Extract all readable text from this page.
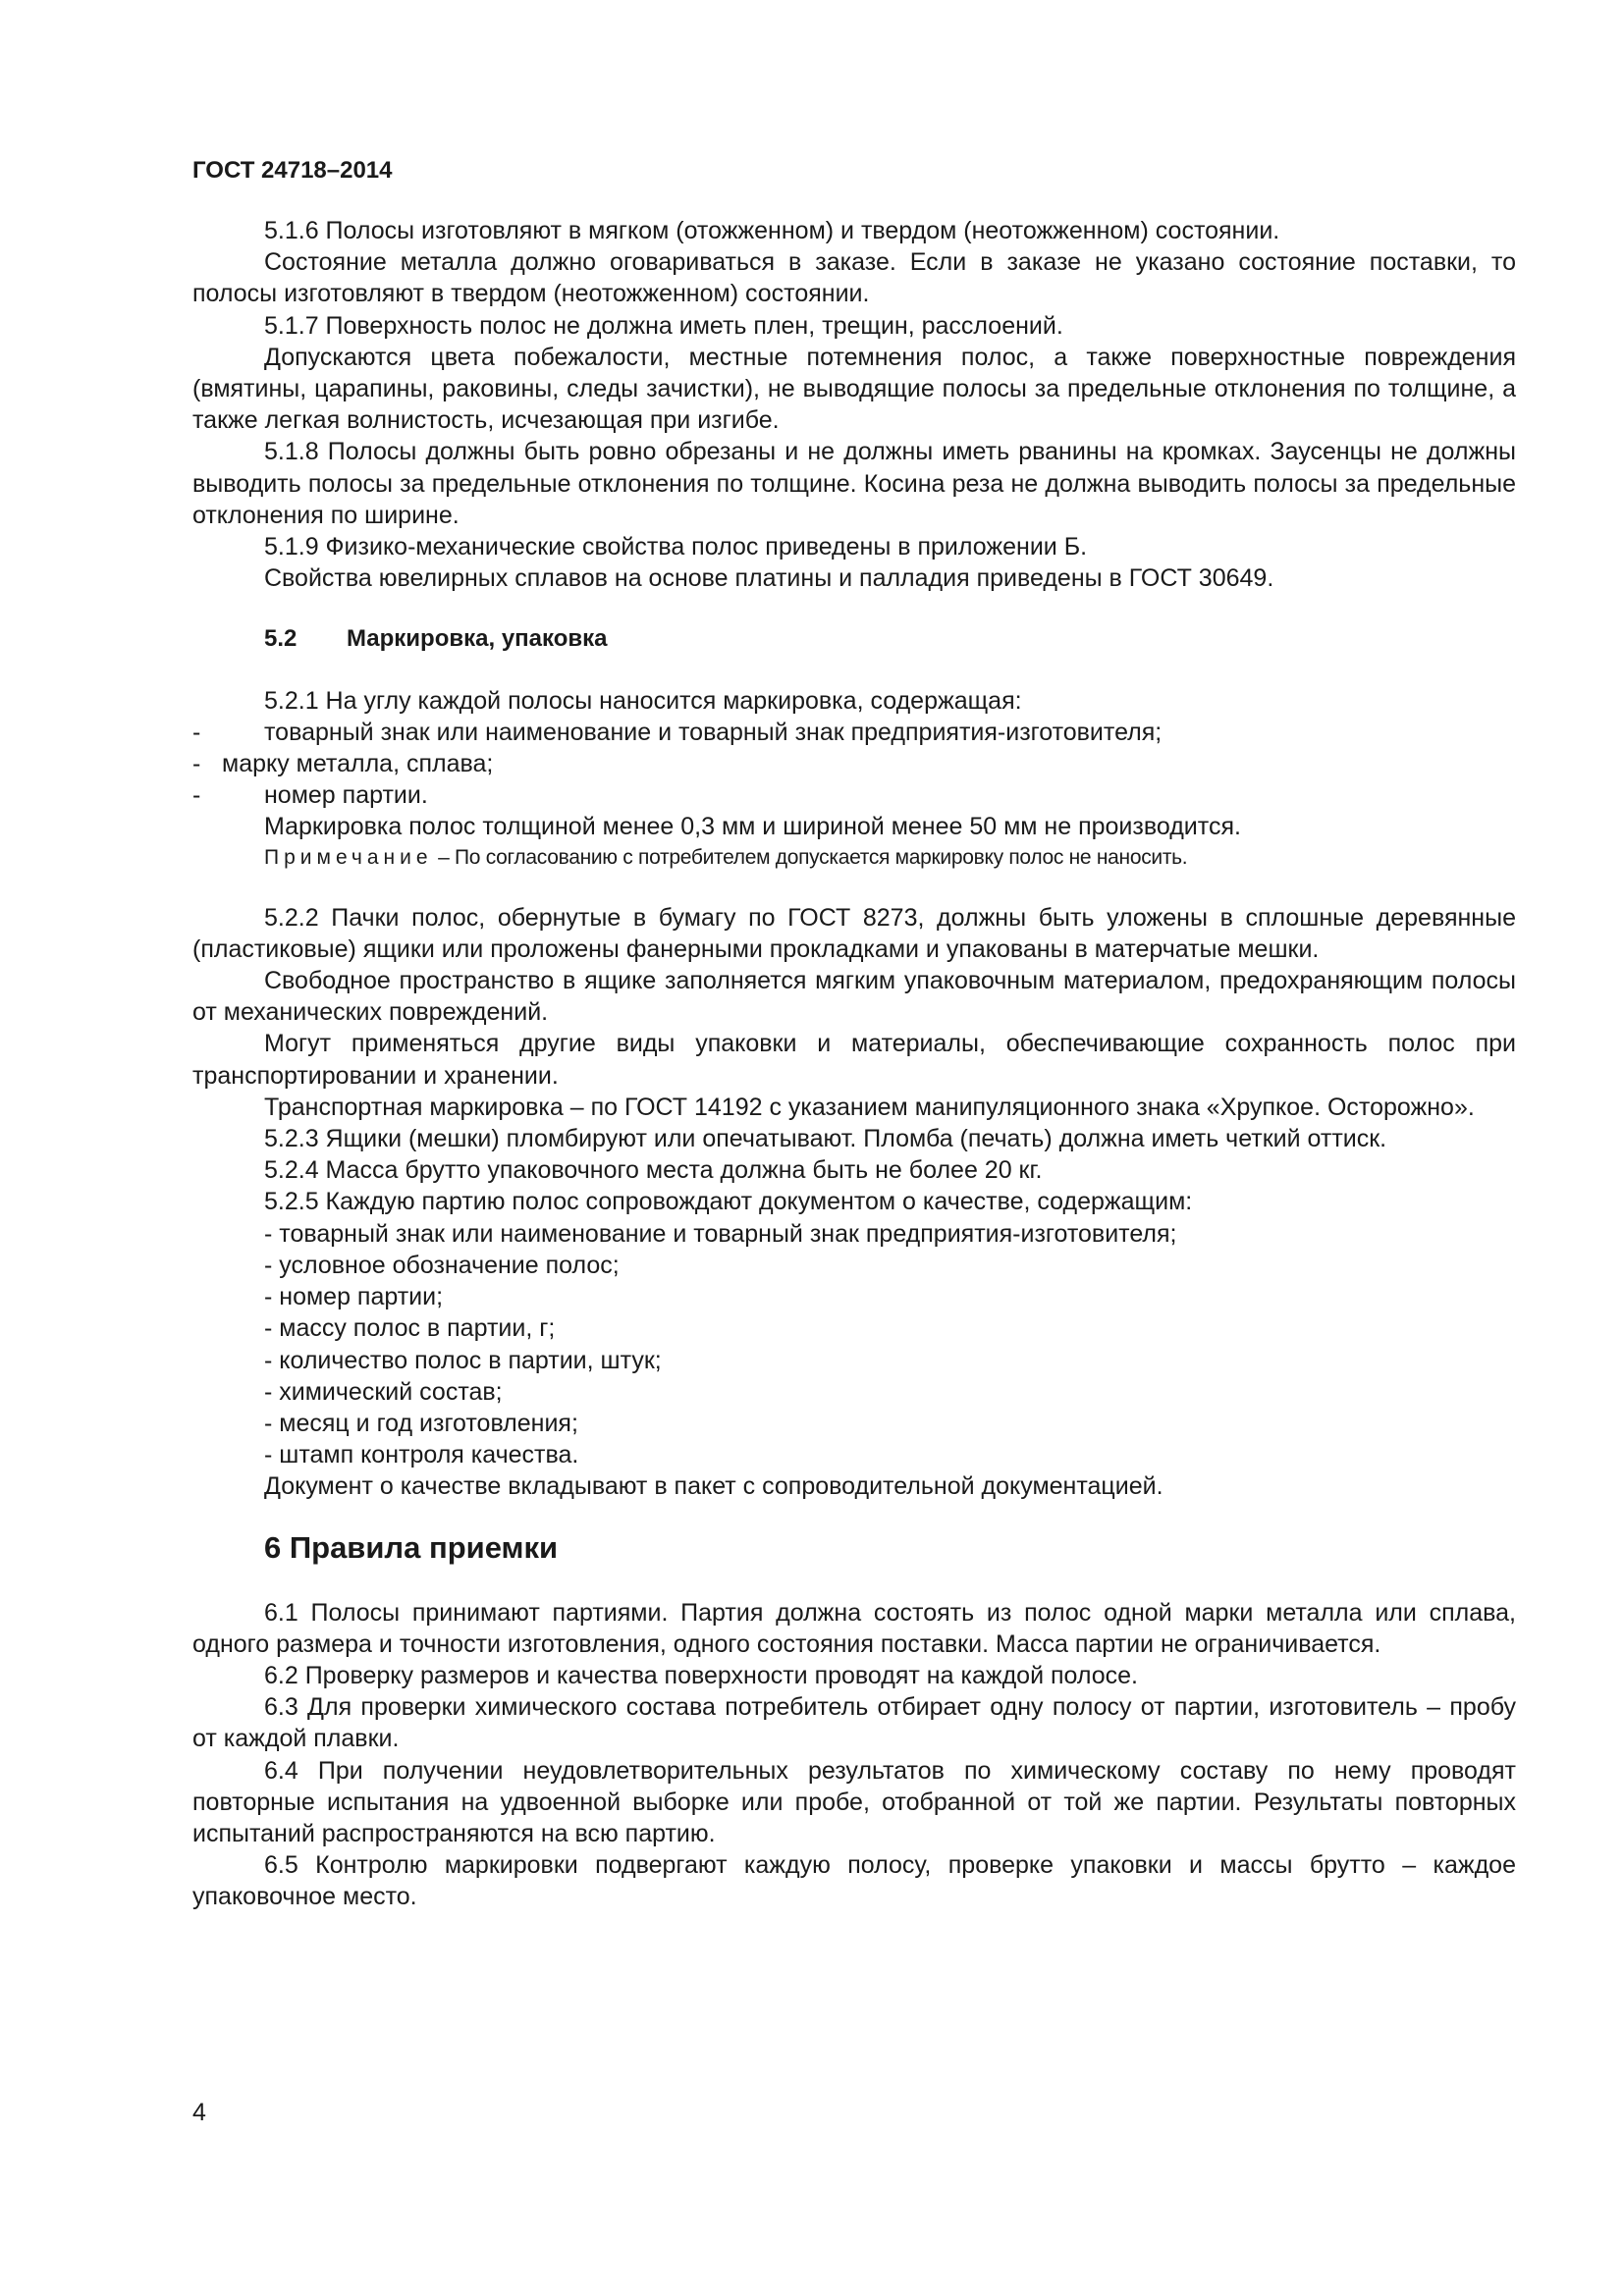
ГОСТ 24718–2014

5.1.6 Полосы изготовляют в мягком (отожженном) и твердом (неотожженном) состоянии.

Состояние металла должно оговариваться в заказе. Если в заказе не указано состояние поставки, то полосы изготовляют в твердом (неотожженном) состоянии.

5.1.7 Поверхность полос не должна иметь плен, трещин, расслоений.

Допускаются цвета побежалости, местные потемнения полос, а также поверхностные повреждения (вмятины, царапины, раковины, следы зачистки), не выводящие полосы за предельные отклонения по толщине, а также легкая волнистость, исчезающая при изгибе.

5.1.8 Полосы должны быть ровно обрезаны и не должны иметь рванины на кромках. Заусенцы не должны выводить полосы за предельные отклонения по толщине. Косина реза не должна выводить полосы за предельные отклонения по ширине.

5.1.9 Физико-механические свойства полос приведены в приложении Б.

Свойства ювелирных сплавов на основе платины и палладия приведены в ГОСТ 30649.

5.2 Маркировка, упаковка

5.2.1 На углу каждой полосы наносится маркировка, содержащая:

-	товарный знак или наименование и товарный знак предприятия-изготовителя;

- марку металла, сплава;

-	номер партии.

Маркировка полос толщиной менее 0,3 мм и шириной менее 50 мм не производится.

Примечание – По согласованию с потребителем допускается маркировку полос не наносить.

5.2.2 Пачки полос, обернутые в бумагу по ГОСТ 8273, должны быть уложены в сплошные деревянные (пластиковые) ящики или проложены фанерными прокладками и упакованы в матерчатые мешки.

Свободное пространство в ящике заполняется мягким упаковочным материалом, предохраняющим полосы от механических повреждений.

Могут применяться другие виды упаковки и материалы, обеспечивающие сохранность полос при транспортировании и хранении.

Транспортная маркировка – по ГОСТ 14192 с указанием манипуляционного знака «Хрупкое. Осторожно».

5.2.3 Ящики (мешки) пломбируют или опечатывают. Пломба (печать) должна иметь четкий оттиск.

5.2.4 Масса брутто упаковочного места должна быть не более 20 кг.

5.2.5 Каждую партию полос сопровождают документом о качестве, содержащим:

- товарный знак или наименование и товарный знак предприятия-изготовителя;

- условное обозначение полос;

- номер партии;

- массу полос в партии, г;

- количество полос в партии, штук;

- химический состав;

- месяц и год изготовления;

- штамп контроля качества.

Документ о качестве вкладывают в пакет с сопроводительной документацией.

6 Правила приемки

6.1 Полосы принимают партиями. Партия должна состоять из полос одной марки металла или сплава, одного размера и точности изготовления, одного состояния поставки. Масса партии не ограничивается.

6.2 Проверку размеров и качества поверхности проводят на каждой полосе.

6.3 Для проверки химического состава потребитель отбирает одну полосу от партии, изготовитель – пробу от каждой плавки.

6.4 При получении неудовлетворительных результатов по химическому составу по нему проводят повторные испытания на удвоенной выборке или пробе, отобранной от той же партии. Результаты повторных испытаний распространяются на всю партию.

6.5 Контролю маркировки подвергают каждую полосу, проверке упаковки и массы брутто – каждое упаковочное место.

4
